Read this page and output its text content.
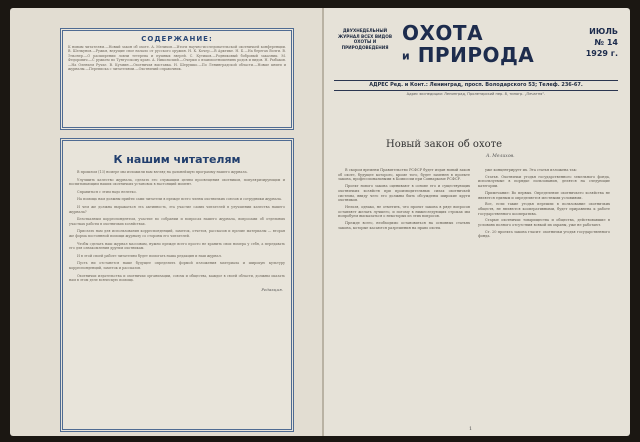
СОДЕРЖАНИЕ:
К новым читателям.—Новый закон об охоте. А. Мелихов.—Итоги научно-исследовательской охотничьей конференции. В. Шелкунов.—Ружья, ведущие свое начало от русского оружия. Н. К. Кочер.—В Арктике. Н. Б.—На берегах Волги. В. Эльснер.—О расширении ловли тетерева и пушных зверей. С. Кутиков.—Родниковый бобровый заказник. М. Федорович.—С ружьем по Тунгусскому краю. А. Никольский.—Очерки о взаимоотношениях родов и видов. Н. Рыбаков.—На Оленьем Ручье. В. Кузмин.—Охотничья выставка. Н. Шерушко.—По Ленинградской области.—Новые книги и журналы.—Переписка с читателями.—Охотничий справочник.
К нашим читателям

В прошлом (13) номере мы изложили вам взгляд на дальнейшую программу нашего журнала.

Улучшить качество журнала, сделать его служащим целям просвещения охотников, популяризирующим и воспитывающим наших охотничьих установок в настоящий момент.

Справиться с этим надо нелегко.

На помощь нам должны прийти сами читатели в прежде всего члены охотничьих союзов и сотрудники журнала.

И чем же должна выражаться эта активность, эта участие самих читателей в улучшении качества нашего журнала?

Безотказным корреспондентом, участие во собрании и вопросах нашего журнала, вопросами об отдельных участках работы в охотничьих хозяйствах.

Прислать нам для использования корреспонденций, заметок, отчетов, рассказов и прочие материалы — вторая же форма постоянной помощи журналу со стороны его читателей.

Чтобы сделать наш журнал массовым, нужно прежде всего просто не хранить свои номера у себя, а передавать его для ознакомления другим охотникам.

И в этой своей работе читателям будет помогать наша редакция и наш журнал.

Пусть ни отстанется наше будущее определить формой изложения материала и широкую культуру корреспонденций, заметок и рассказов.

Охотничьи издательства и охотничьи организации, союзы и общества, каждое в своей области, должны оказать нам в этом деле всяческую помощь.

Редакция.
ДВУХНЕДЕЛЬНЫЙ ЖУРНАЛ ВСЕХ ВИДОВ ОХОТЫ И ПРИРОДОВЕДЕНИЯ
ОХОТА
и ПРИРОДА
ИЮЛЬ
№ 14
1929 г.
АДРЕС Ред. и Конт.: Ленинград, просп. Володарского 53; Телеф. 236-67.
Адрес экспедиции: Ленинград, Пролетарский пер. 8, типогр. „Печатня“.
Новый закон об охоте
А. Мелихов.

В скором времени Правительство РСФСР будет издан новый закон об охоте, будущее которого, кроме того, будет заменен в проекте закона, профессиональными в Комиссии при Совнаркоме РСФСР.

Проект нового закона оценивают в основе его и существующих охотничьих хозяйств при производительных силах охотничьей системы, ввиду чего его должны быть обсуждены широкие круги охотников.

Нельзя, однако, не отметить, что проект закона в ряде вопросов оставляет желать лучшего, и потому в нижеследующих строках мы попробуем высказаться о некоторых из этих вопросов.

Прежде всего, необходимо остановиться на основных статьях закона, которые касаются разрешения на право охоты.

уже концентрирует их. Эта статья изложена так:

Статья. Охотничьи угодья государственного земельного фонда, используемые в порядке пользования, делятся на следующие категории.

Примечание: Во первых. Определение охотничьего хозяйства не является единым и определяется местными условиями.

Все, если такие угодья перешли в пользование охотничьих обществ, не являются кооперативными, будет приравнена к работе государственного кооператива.

Старые охотничьи товарищества и общества, действовавшие в условиях полного отсутствия всякой их охраны, уже не работают.

Ст. 20 проекта закона гласит: охотничьи угодья государственного фонда.

1
